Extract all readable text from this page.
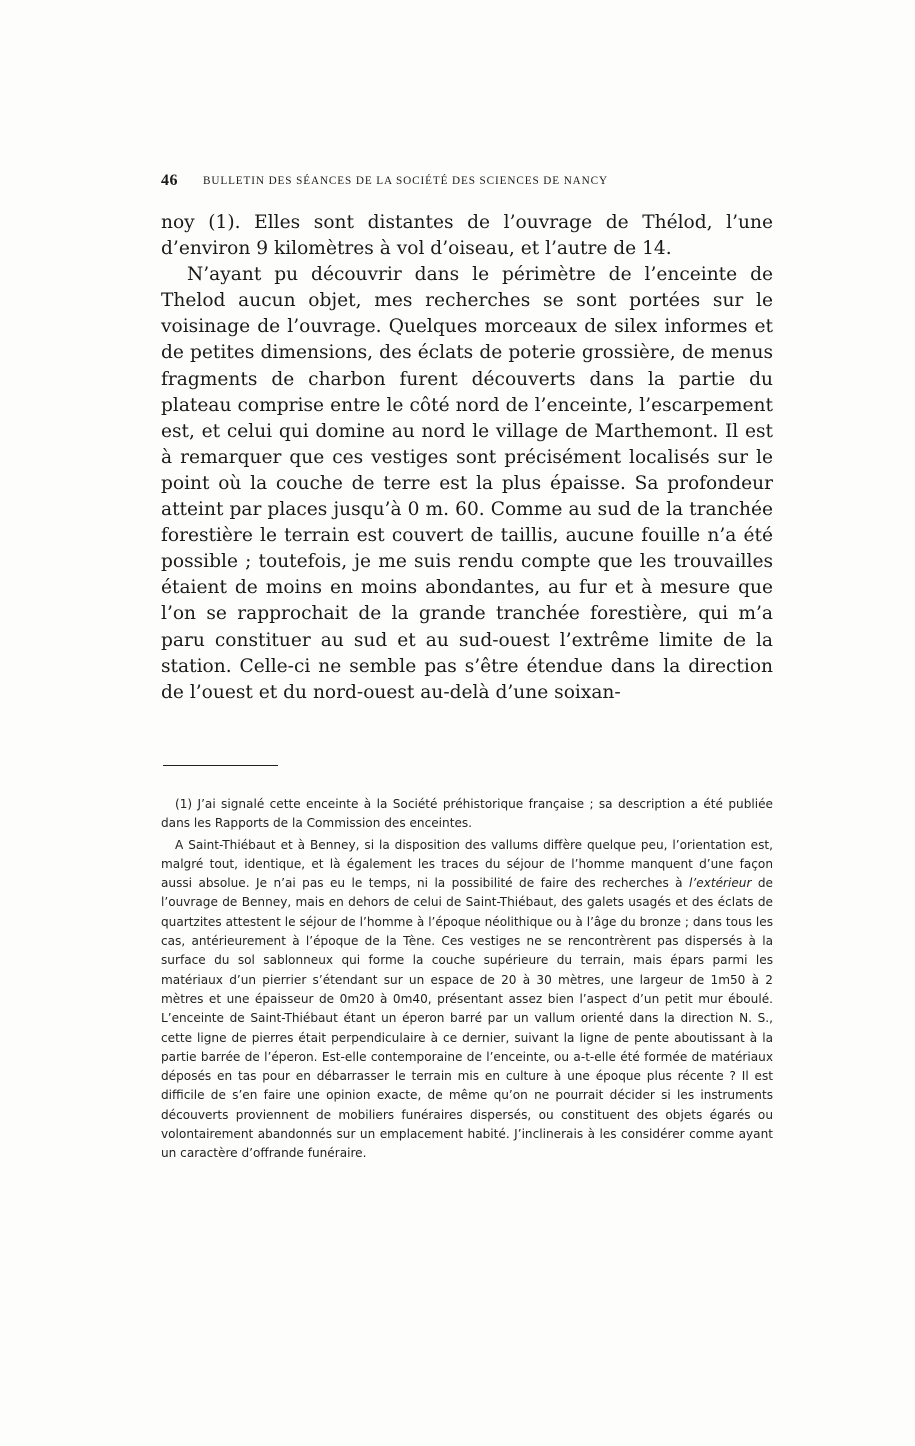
46 BULLETIN DES SÉANCES DE LA SOCIÉTÉ DES SCIENCES DE NANCY

noy (1). Elles sont distantes de l’ouvrage de Thélod, l’une d’environ 9 kilomètres à vol d’oiseau, et l’autre de 14.

N’ayant pu découvrir dans le périmètre de l’enceinte de Thelod aucun objet, mes recherches se sont portées sur le voisinage de l’ouvrage. Quelques morceaux de silex informes et de petites dimensions, des éclats de poterie grossière, de menus fragments de charbon furent découverts dans la partie du plateau comprise entre le côté nord de l’enceinte, l’escarpement est, et celui qui domine au nord le village de Marthemont. Il est à remarquer que ces vestiges sont précisément localisés sur le point où la couche de terre est la plus épaisse. Sa profondeur atteint par places jusqu’à 0 m. 60. Comme au sud de la tranchée forestière le terrain est couvert de taillis, aucune fouille n’a été possible ; toutefois, je me suis rendu compte que les trouvailles étaient de moins en moins abondantes, au fur et à mesure que l’on se rapprochait de la grande tranchée forestière, qui m’a paru constituer au sud et au sud-ouest l’extrême limite de la station. Celle-ci ne semble pas s’être étendue dans la direction de l’ouest et du nord-ouest au-delà d’une soixan-

(1) J’ai signalé cette enceinte à la Société préhistorique française ; sa description a été publiée dans les Rapports de la Commission des enceintes.

A Saint-Thiébaut et à Benney, si la disposition des vallums diffère quelque peu, l’orientation est, malgré tout, identique, et là également les traces du séjour de l’homme manquent d’une façon aussi absolue. Je n’ai pas eu le temps, ni la possibilité de faire des recherches à l’extérieur de l’ouvrage de Benney, mais en dehors de celui de Saint-Thiébaut, des galets usagés et des éclats de quartzites attestent le séjour de l’homme à l’époque néolithique ou à l’âge du bronze ; dans tous les cas, antérieurement à l’époque de la Tène. Ces vestiges ne se rencontrèrent pas dispersés à la surface du sol sablonneux qui forme la couche supérieure du terrain, mais épars parmi les matériaux d’un pierrier s’étendant sur un espace de 20 à 30 mètres, une largeur de 1m50 à 2 mètres et une épaisseur de 0m20 à 0m40, présentant assez bien l’aspect d’un petit mur éboulé. L’enceinte de Saint-Thiébaut étant un éperon barré par un vallum orienté dans la direction N. S., cette ligne de pierres était perpendiculaire à ce dernier, suivant la ligne de pente aboutissant à la partie barrée de l’éperon. Est-elle contemporaine de l’enceinte, ou a-t-elle été formée de matériaux déposés en tas pour en débarrasser le terrain mis en culture à une époque plus récente ? Il est difficile de s’en faire une opinion exacte, de même qu’on ne pourrait décider si les instruments découverts proviennent de mobiliers funéraires dispersés, ou constituent des objets égarés ou volontairement abandonnés sur un emplacement habité. J’inclinerais à les considérer comme ayant un caractère d’offrande funéraire.
